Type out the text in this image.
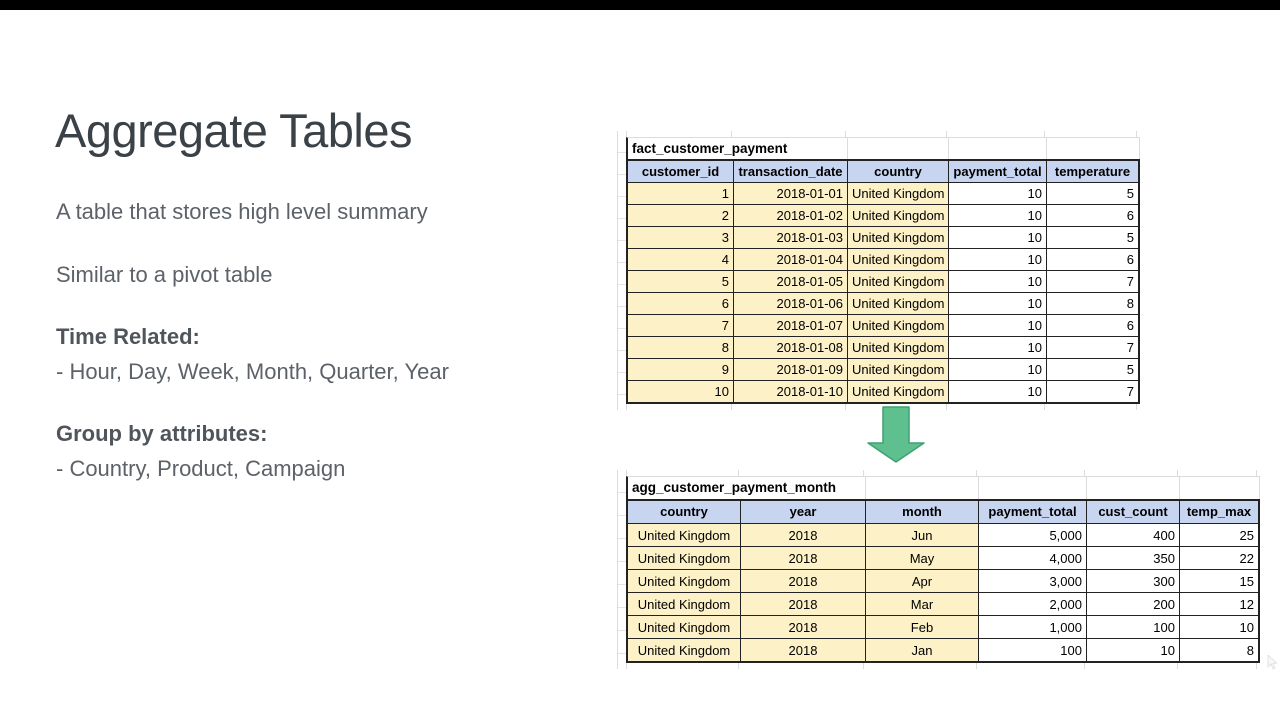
Aggregate Tables

A table that stores high level summary

Similar to a pivot table

Time Related:

- Hour, Day, Week, Month, Quarter, Year

Group by attributes:

- Country, Product, Campaign

fact_customer_payment
customer_id	transaction_date	country	payment_total	temperature
1	2018-01-01 United Kingdom	10	5
2	2018-01-02 United Kingdom	10	6
3	2018-01-03 United Kingdom	10	5
4	2018-01-04 United Kingdom	10	6
5	2018-01-05 United Kingdom	10	7
6	2018-01-06 United Kingdom	10	8
7	2018-01-07 United Kingdom	10	6
8	2018-01-08 United Kingdom	10	7
9	2018-01-09 United Kingdom	10	5
10	2018-01-10 United Kingdom	10	7
agg_customer_payment_month
country	year	month	payment_total	cust_count	temp_max
United Kingdom	2018	Jun	5,000	400	25
United Kingdom	2018	May	4,000	350	22
United Kingdom	2018	Apr	3,000	300	15
United Kingdom	2018	Mar	2,000	200	12
United Kingdom	2018	Feb	1,000	100	10
United Kingdom	2018	Jan	100	10	8
